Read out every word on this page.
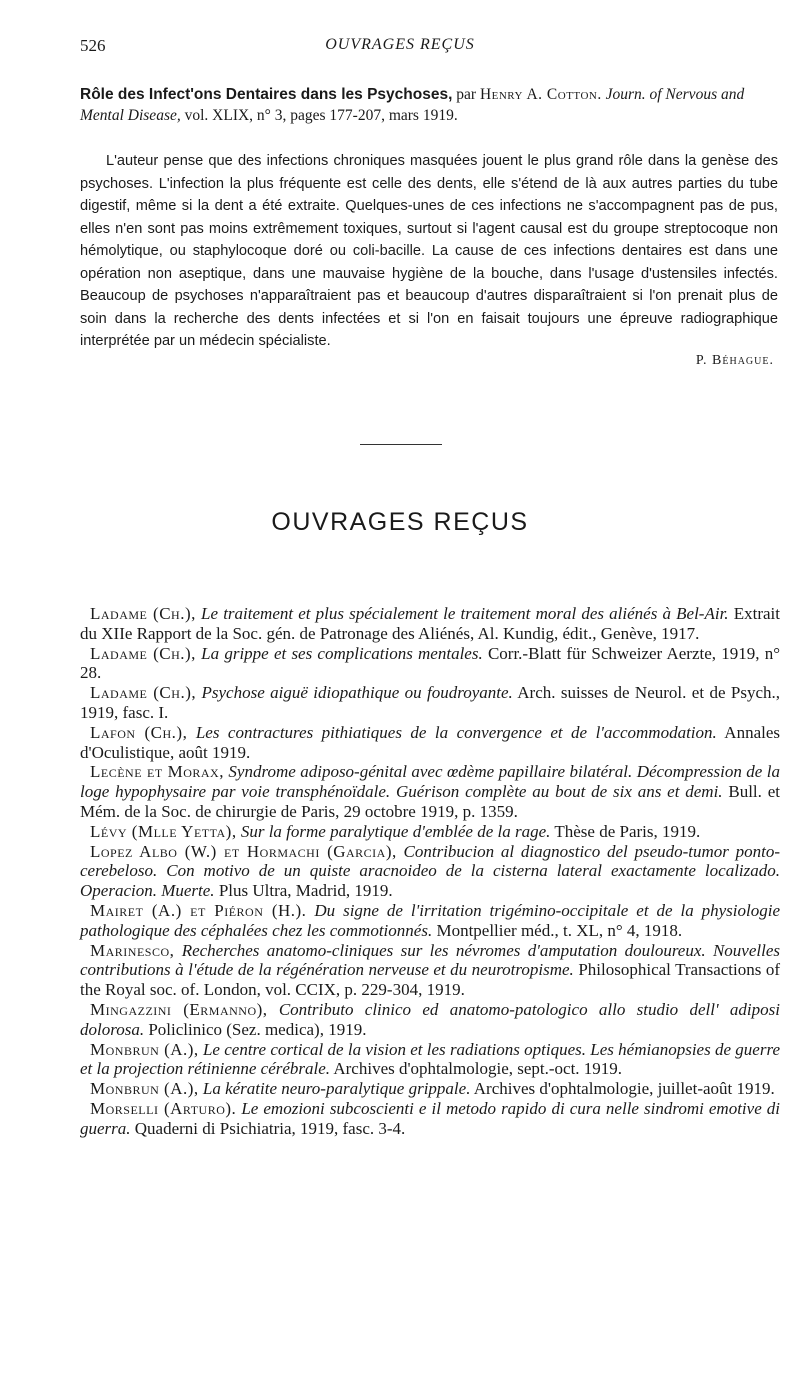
526	OUVRAGES REÇUS

Rôle des Infect'ons Dentaires dans les Psychoses, par Henry A. Cotton. Journ. of Nervous and Mental Disease, vol. XLIX, n° 3, pages 177-207, mars 1919.

L'auteur pense que des infections chroniques masquées jouent le plus grand rôle dans la genèse des psychoses. L'infection la plus fréquente est celle des dents, elle s'étend de là aux autres parties du tube digestif, même si la dent a été extraite. Quelques-unes de ces infections ne s'accompagnent pas de pus, elles n'en sont pas moins extrêmement toxiques, surtout si l'agent causal est du groupe streptocoque non hémolytique, ou staphylocoque doré ou coli-bacille. La cause de ces infections dentaires est dans une opération non aseptique, dans une mauvaise hygiène de la bouche, dans l'usage d'ustensiles infectés. Beaucoup de psychoses n'apparaîtraient pas et beaucoup d'autres disparaîtraient si l'on prenait plus de soin dans la recherche des dents infectées et si l'on en faisait toujours une épreuve radiographique interprétée par un médecin spécialiste.

P. Béhague.

OUVRAGES REÇUS
Ladame (Ch.), Le traitement et plus spécialement le traitement moral des aliénés à Bel-Air. Extrait du XIIe Rapport de la Soc. gén. de Patronage des Aliénés, Al. Kundig, édit., Genève, 1917.
Ladame (Ch.), La grippe et ses complications mentales. Corr.-Blatt für Schweizer Aerzte, 1919, n° 28.
Ladame (Ch.), Psychose aiguë idiopathique ou foudroyante. Arch. suisses de Neurol. et de Psych., 1919, fasc. I.
Lafon (Ch.), Les contractures pithiatiques de la convergence et de l'accommodation. Annales d'Oculistique, août 1919.
Lecène et Morax, Syndrome adiposo-génital avec œdème papillaire bilatéral. Décompression de la loge hypophysaire par voie transphénoïdale. Guérison complète au bout de six ans et demi. Bull. et Mém. de la Soc. de chirurgie de Paris, 29 octobre 1919, p. 1359.
Lévy (Mlle Yetta), Sur la forme paralytique d'emblée de la rage. Thèse de Paris, 1919.
Lopez Albo (W.) et Hormachi (Garcia), Contribucion al diagnostico del pseudo-tumor ponto-cerebeloso. Con motivo de un quiste aracnoideo de la cisterna lateral exactamente localizado. Operacion. Muerte. Plus Ultra, Madrid, 1919.
Mairet (A.) et Piéron (H.). Du signe de l'irritation trigémino-occipitale et de la physiologie pathologique des céphalées chez les commotionnés. Montpellier méd., t. XL, n° 4, 1918.
Marinesco, Recherches anatomo-cliniques sur les névromes d'amputation douloureux. Nouvelles contributions à l'étude de la régénération nerveuse et du neurotropisme. Philosophical Transactions of the Royal soc. of. London, vol. CCIX, p. 229-304, 1919.
Mingazzini (Ermanno), Contributo clinico ed anatomo-patologico allo studio dell' adiposi dolorosa. Policlinico (Sez. medica), 1919.
Monbrun (A.), Le centre cortical de la vision et les radiations optiques. Les hémianopsies de guerre et la projection rétinienne cérébrale. Archives d'ophtalmologie, sept.-oct. 1919.
Monbrun (A.), La kératite neuro-paralytique grippale. Archives d'ophtalmologie, juillet-août 1919.
Morselli (Arturo). Le emozioni subcoscienti e il metodo rapido di cura nelle sindromi emotive di guerra. Quaderni di Psichiatria, 1919, fasc. 3-4.
